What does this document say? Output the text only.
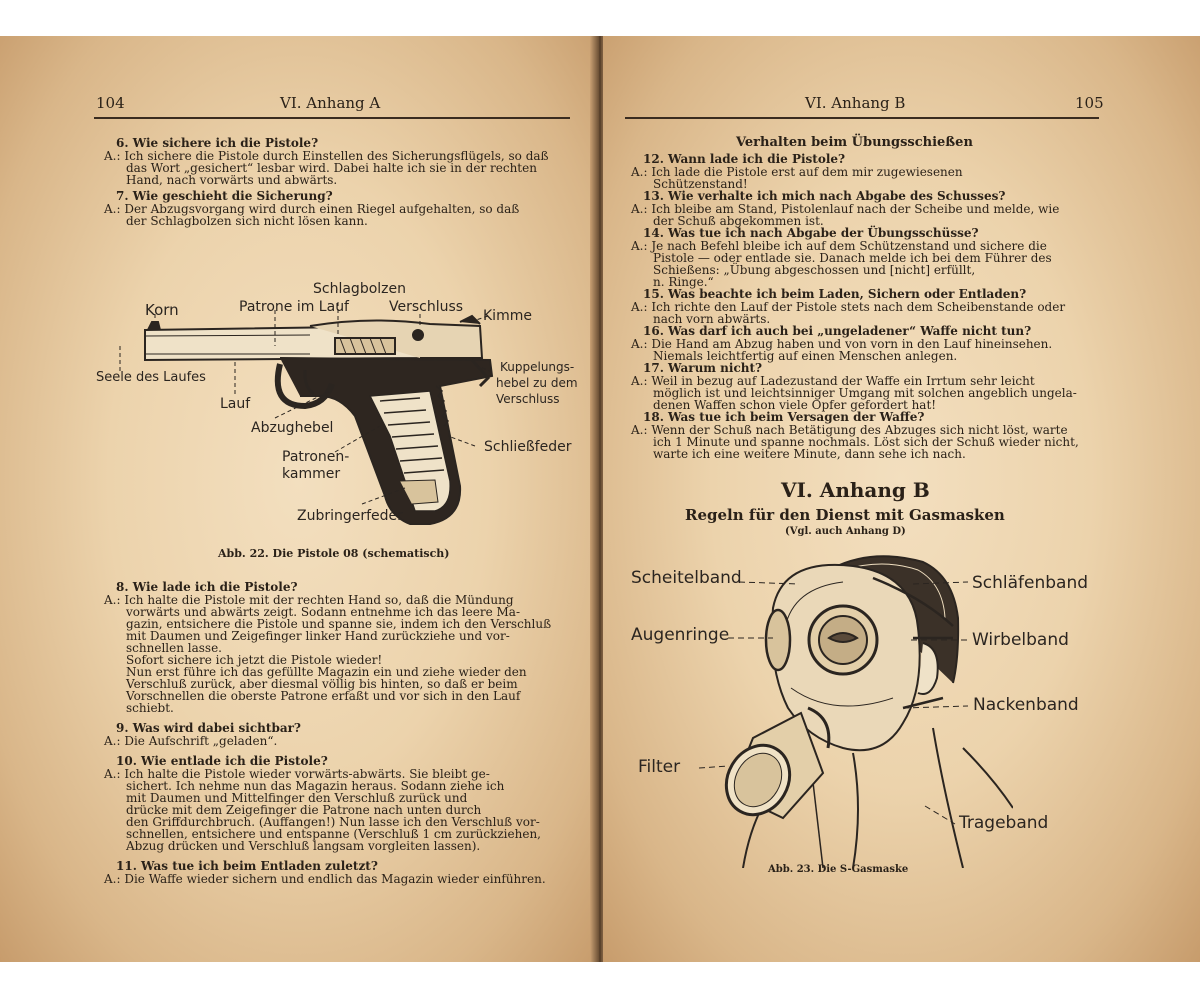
104	VI. Anhang A
6. Wie sichere ich die Pistole?
A.: Ich sichere die Pistole durch Einstellen des Sicherungsflügels, so daß
das Wort „gesichert“ lesbar wird. Dabei halte ich sie in der rechten
Hand, nach vorwärts und abwärts.
7. Wie geschieht die Sicherung?
A.: Der Abzugsvorgang wird durch einen Riegel aufgehalten, so daß
der Schlagbolzen sich nicht lösen kann.
Schlagbolzen
Korn	Patrone im Lauf	Verschluss
Kimme
Kuppelungs-
hebel zu dem
Verschluss
Seele des Laufes
Lauf
Abzughebel
Schließfeder
Patronen-
kammer
Zubringerfeder
Abb. 22. Die Pistole 08 (schematisch)
8. Wie lade ich die Pistole?
A.: Ich halte die Pistole mit der rechten Hand so, daß die Mündung
vorwärts und abwärts zeigt. Sodann entnehme ich das leere Ma-
gazin, entsichere die Pistole und spanne sie, indem ich den Verschluß
mit Daumen und Zeigefinger linker Hand zurückziehe und vor-
schnellen lasse.
Sofort sichere ich jetzt die Pistole wieder!
Nun erst führe ich das gefüllte Magazin ein und ziehe wieder den
Verschluß zurück, aber diesmal völlig bis hinten, so daß er beim
Vorschnellen die oberste Patrone erfaßt und vor sich in den Lauf
schiebt.
9. Was wird dabei sichtbar?
A.: Die Aufschrift „geladen“.
10. Wie entlade ich die Pistole?
A.: Ich halte die Pistole wieder vorwärts-abwärts. Sie bleibt ge-
sichert. Ich nehme nun das Magazin heraus. Sodann ziehe ich
mit Daumen und Mittelfinger den Verschluß zurück und
drücke mit dem Zeigefinger die Patrone nach unten durch
den Griffdurchbruch. (Auffangen!) Nun lasse ich den Verschluß vor-
schnellen, entsichere und entspanne (Verschluß 1 cm zurückziehen,
Abzug drücken und Verschluß langsam vorgleiten lassen).
11. Was tue ich beim Entladen zuletzt?
A.: Die Waffe wieder sichern und endlich das Magazin wieder einführen.
VI. Anhang B	105
Verhalten beim Übungsschießen
12. Wann lade ich die Pistole?
A.: Ich lade die Pistole erst auf dem mir zugewiesenen
Schützenstand!
13. Wie verhalte ich mich nach Abgabe des Schusses?
A.: Ich bleibe am Stand, Pistolenlauf nach der Scheibe und melde, wie
der Schuß abgekommen ist.
14. Was tue ich nach Abgabe der Übungsschüsse?
A.: Je nach Befehl bleibe ich auf dem Schützenstand und sichere die
Pistole — oder entlade sie. Danach melde ich bei dem Führer des
Schießens: „Übung abgeschossen und [nicht] erfüllt,
n. Ringe.“
15. Was beachte ich beim Laden, Sichern oder Entladen?
A.: Ich richte den Lauf der Pistole stets nach dem Scheibenstande oder
nach vorn abwärts.
16. Was darf ich auch bei „ungeladener“ Waffe nicht tun?
A.: Die Hand am Abzug haben und von vorn in den Lauf hineinsehen.
Niemals leichtfertig auf einen Menschen anlegen.
17. Warum nicht?
A.: Weil in bezug auf Ladezustand der Waffe ein Irrtum sehr leicht
möglich ist und leichtsinniger Umgang mit solchen angeblich ungela-
denen Waffen schon viele Opfer gefordert hat!
18. Was tue ich beim Versagen der Waffe?
A.: Wenn der Schuß nach Betätigung des Abzuges sich nicht löst, warte
ich 1 Minute und spanne nochmals. Löst sich der Schuß wieder nicht,
warte ich eine weitere Minute, dann sehe ich nach.
VI. Anhang B
Regeln für den Dienst mit Gasmasken
(Vgl. auch Anhang D)
Scheitelband	Schläfenband
Augenringe	Wirbelband
Nackenband
Filter
Trageband
Abb. 23. Die S-Gasmaske
